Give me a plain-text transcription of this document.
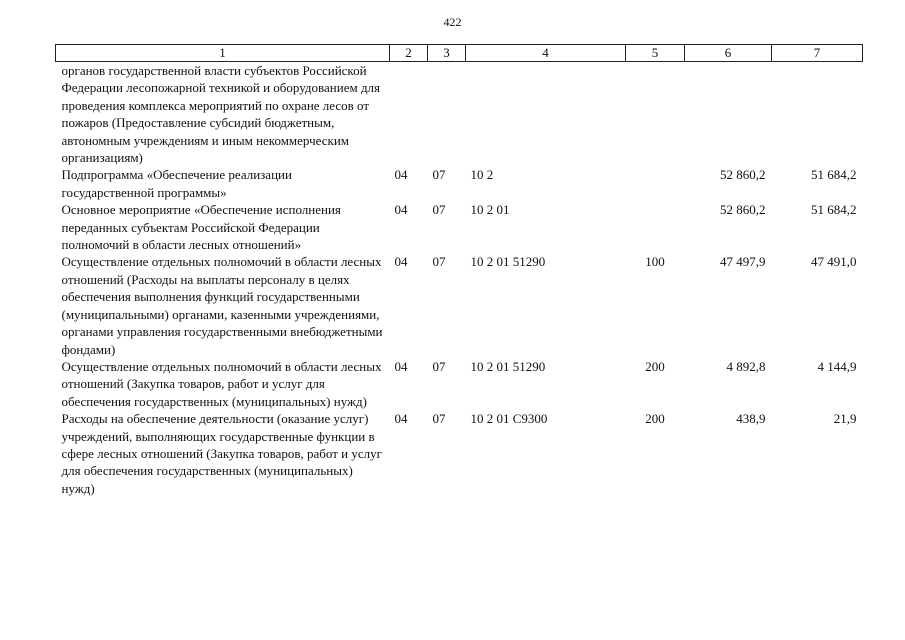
422
1	2	3	4	5	6	7
органов государственной власти субъектов Российской Федерации лесопожарной техникой и оборудованием для проведения комплекса мероприятий по охране лесов от пожаров (Предоставление субсидий бюджетным, автономным учреждениям и иным некоммерческим организациям)						
Подпрограмма «Обеспечение реализации государственной программы»	04	07	10 2		52 860,2	51 684,2
Основное мероприятие «Обеспечение исполнения переданных субъектам Российской Федерации полномочий в области лесных отношений»	04	07	10 2 01		52 860,2	51 684,2
Осуществление отдельных полномочий в области лесных отношений (Расходы на выплаты персоналу в целях обеспечения выполнения функций государственными (муниципальными) органами, казенными учреждениями, органами управления государственными внебюджетными фондами)	04	07	10 2 01 51290	100	47 497,9	47 491,0
Осуществление отдельных полномочий в области лесных отношений (Закупка товаров, работ и услуг для обеспечения государственных (муниципальных) нужд)	04	07	10 2 01 51290	200	4 892,8	4 144,9
Расходы на обеспечение деятельности (оказание услуг) учреждений, выполняющих государственные функции в сфере лесных отношений (Закупка товаров, работ и услуг для обеспечения государственных (муниципальных) нужд)	04	07	10 2 01 С9300	200	438,9	21,9
